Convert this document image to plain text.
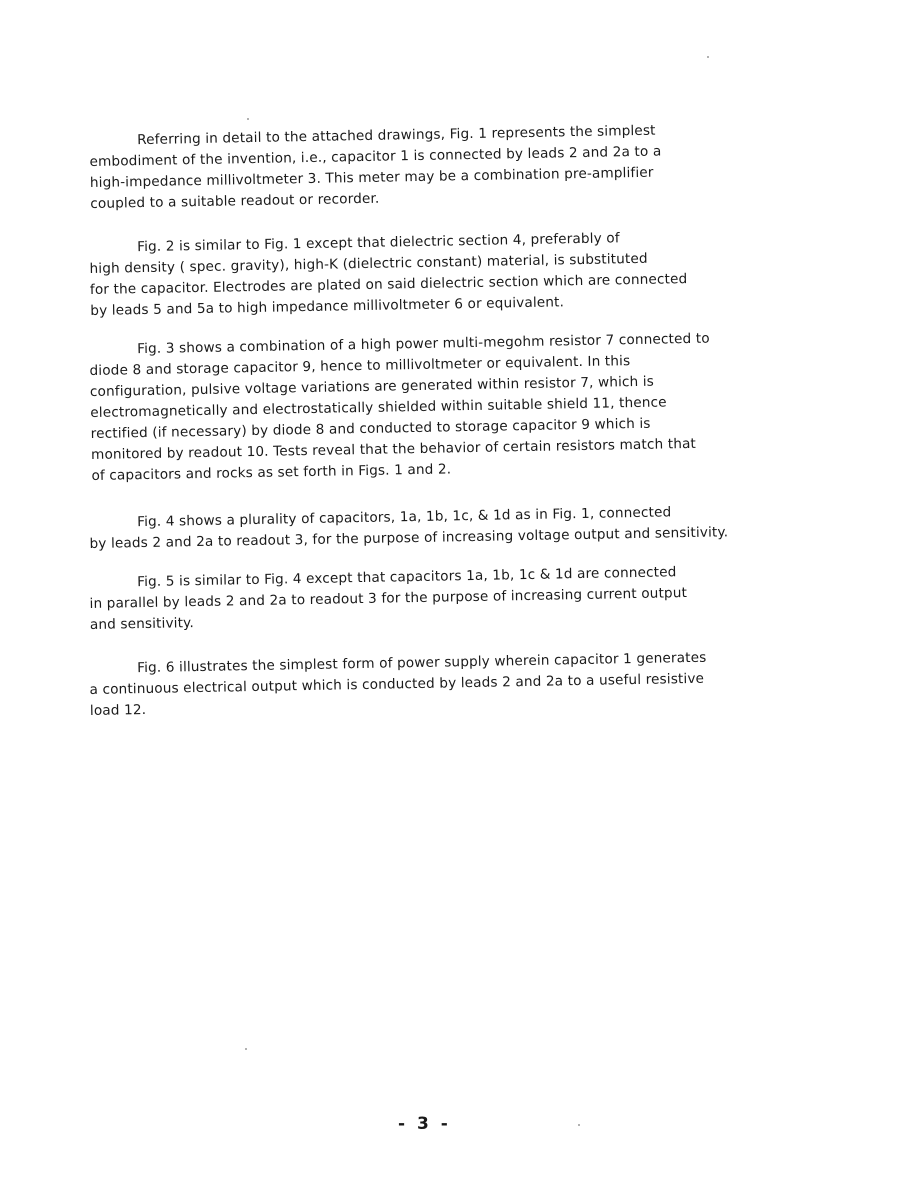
Referring in detail to the attached drawings, Fig. 1 represents the simplest
embodiment of the invention, i.e., capacitor 1 is connected by leads 2 and 2a to a
high-impedance millivoltmeter 3. This meter may be a combination pre-amplifier
coupled to a suitable readout or recorder.
Fig. 2 is similar to Fig. 1 except that dielectric section 4, preferably of
high density ( spec. gravity), high-K (dielectric constant) material, is substituted
for the capacitor. Electrodes are plated on said dielectric section which are connected
by leads 5 and 5a to high impedance millivoltmeter 6 or equivalent.
Fig. 3 shows a combination of a high power multi-megohm resistor 7 connected to
diode 8 and storage capacitor 9, hence to millivoltmeter or equivalent. In this
configuration, pulsive voltage variations are generated within resistor 7, which is
electromagnetically and electrostatically shielded within suitable shield 11, thence
rectified (if necessary) by diode 8 and conducted to storage capacitor 9 which is
monitored by readout 10. Tests reveal that the behavior of certain resistors match that
of capacitors and rocks as set forth in Figs. 1 and 2.
Fig. 4 shows a plurality of capacitors, 1a, 1b, 1c, & 1d as in Fig. 1, connected
by leads 2 and 2a to readout 3, for the purpose of increasing voltage output and sensitivity.
Fig. 5 is similar to Fig. 4 except that capacitors 1a, 1b, 1c & 1d are connected
in parallel by leads 2 and 2a to readout 3 for the purpose of increasing current output
and sensitivity.
Fig. 6 illustrates the simplest form of power supply wherein capacitor 1 generates
a continuous electrical output which is conducted by leads 2 and 2a to a useful resistive
load 12.
- 3 -
